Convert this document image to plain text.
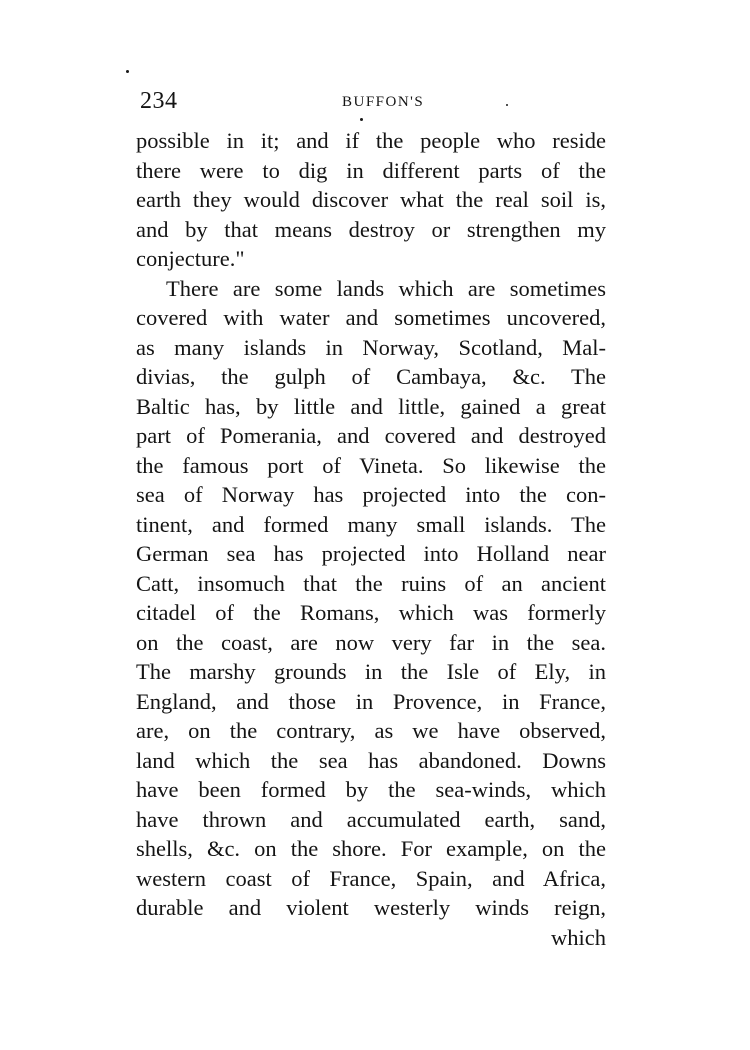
234	BUFFON'S
possible in it; and if the people who reside
there were to dig in different parts of the
earth they would discover what the real soil is,
and by that means destroy or strengthen my
conjecture."
There are some lands which are sometimes
covered with water and sometimes uncovered,
as many islands in Norway, Scotland, Mal-
divias, the gulph of Cambaya, &c. The
Baltic has, by little and little, gained a great
part of Pomerania, and covered and destroyed
the famous port of Vineta. So likewise the
sea of Norway has projected into the con-
tinent, and formed many small islands. The
German sea has projected into Holland near
Catt, insomuch that the ruins of an ancient
citadel of the Romans, which was formerly
on the coast, are now very far in the sea.
The marshy grounds in the Isle of Ely, in
England, and those in Provence, in France,
are, on the contrary, as we have observed,
land which the sea has abandoned. Downs
have been formed by the sea-winds, which
have thrown and accumulated earth, sand,
shells, &c. on the shore. For example, on the
western coast of France, Spain, and Africa,
durable and violent westerly winds reign,
which
